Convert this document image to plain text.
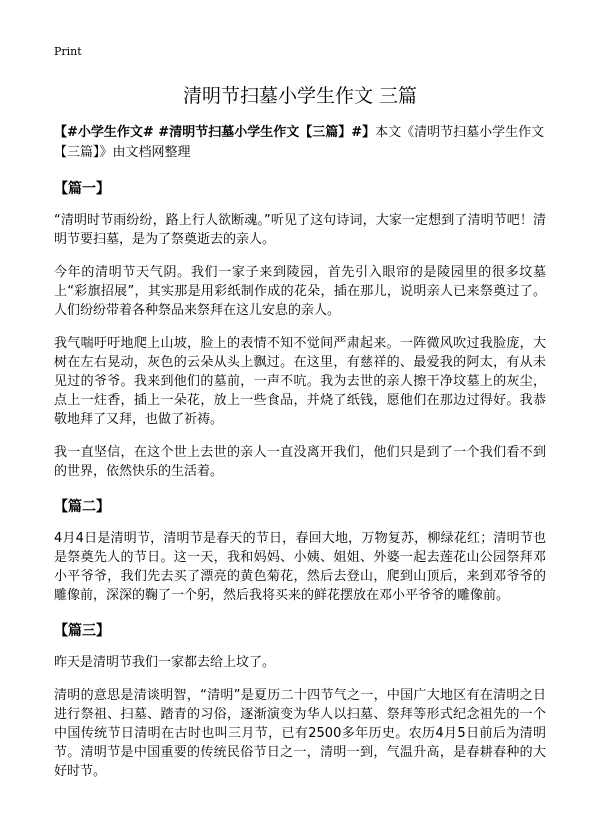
Print
清明节扫墓小学生作文 三篇

【#小学生作文# #清明节扫墓小学生作文【三篇】#】本文《清明节扫墓小学生作文【三篇】》由文档网整理

【篇一】

“清明时节雨纷纷，路上行人欲断魂。”听见了这句诗词，大家一定想到了清明节吧！清明节要扫墓，是为了祭奠逝去的亲人。

今年的清明节天气阴。我们一家子来到陵园，首先引入眼帘的是陵园里的很多坟墓上“彩旗招展”，其实那是用彩纸制作成的花朵，插在那儿，说明亲人已来祭奠过了。人们纷纷带着各种祭品来祭拜在这儿安息的亲人。

我气喘吁吁地爬上山坡，脸上的表情不知不觉间严肃起来。一阵微风吹过我脸庞，大树在左右晃动，灰色的云朵从头上飘过。在这里，有慈祥的、最爱我的阿太，有从未见过的爷爷。我来到他们的墓前，一声不吭。我为去世的亲人擦干净坟墓上的灰尘，点上一炷香，插上一朵花，放上一些食品，并烧了纸钱，愿他们在那边过得好。我恭敬地拜了又拜，也做了祈祷。

我一直坚信，在这个世上去世的亲人一直没离开我们，他们只是到了一个我们看不到的世界，依然快乐的生活着。

【篇二】

4月4日是清明节，清明节是春天的节日，春回大地，万物复苏，柳绿花红；清明节也是祭奠先人的节日。这一天，我和妈妈、小姨、姐姐、外婆一起去莲花山公园祭拜邓小平爷爷，我们先去买了漂亮的黄色菊花，然后去登山，爬到山顶后，来到邓爷爷的雕像前，深深的鞠了一个躬，然后我将买来的鲜花摆放在邓小平爷爷的雕像前。

【篇三】

昨天是清明节我们一家都去给上坟了。

清明的意思是清谈明智，“清明”是夏历二十四节气之一，中国广大地区有在清明之日进行祭祖、扫墓、踏青的习俗，逐渐演变为华人以扫墓、祭拜等形式纪念祖先的一个中国传统节日清明在古时也叫三月节，已有2500多年历史。农历4月5日前后为清明节。清明节是中国重要的传统民俗节日之一，清明一到，气温升高，是春耕春种的大好时节。
